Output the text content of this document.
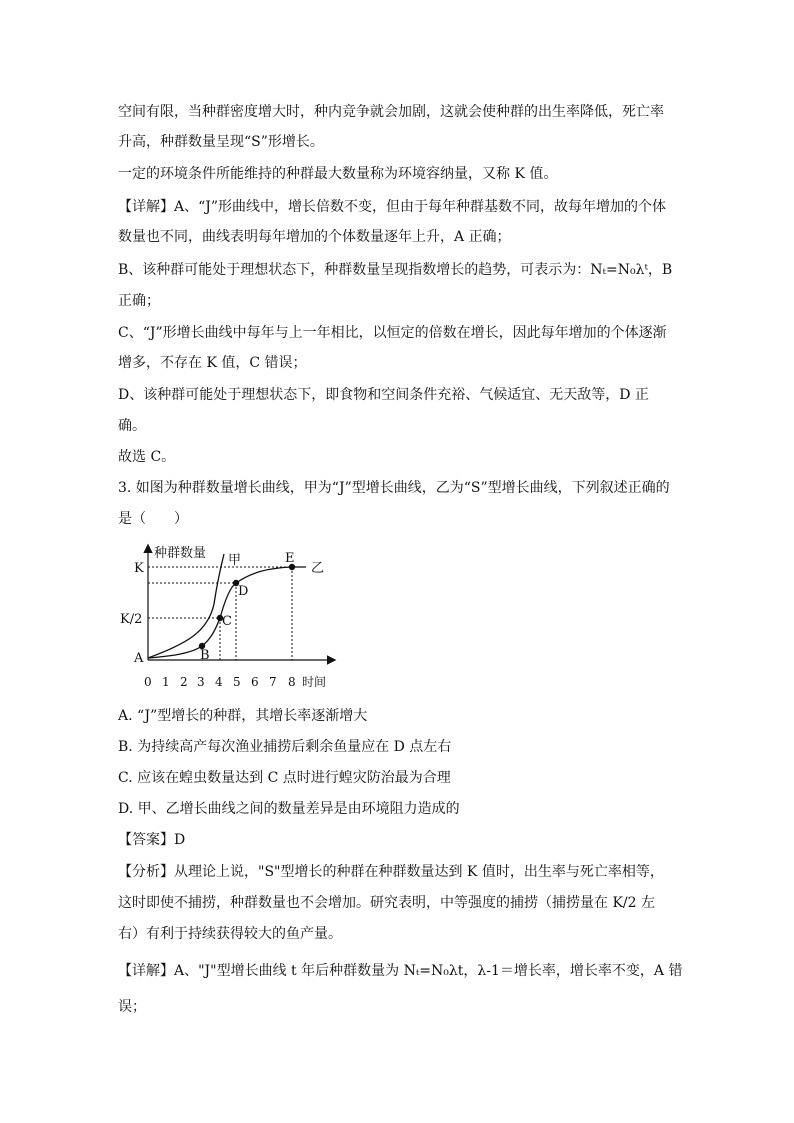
空间有限，当种群密度增大时，种内竞争就会加剧，这就会使种群的出生率降低，死亡率
升高，种群数量呈现“S”形增长。
一定的环境条件所能维持的种群最大数量称为环境容纳量，又称 K 值。
【详解】A、“J”形曲线中，增长倍数不变，但由于每年种群基数不同，故每年增加的个体
数量也不同，曲线表明每年增加的个体数量逐年上升，A 正确；
B、该种群可能处于理想状态下，种群数量呈现指数增长的趋势，可表示为：Nₜ=N₀λᵗ，B
正确；
C、“J”形增长曲线中每年与上一年相比，以恒定的倍数在增长，因此每年增加的个体逐渐
增多，不存在 K 值，C 错误；
D、该种群可能处于理想状态下，即食物和空间条件充裕、气候适宜、无天敌等，D 正
确。
故选 C。
3. 如图为种群数量增长曲线，甲为“J”型增长曲线，乙为“S”型增长曲线，下列叙述正确的
是（　　）
种群数量
时间
K
K/2
0 1 2 3 4 5 6 7 8
甲
乙
A	B
C
D
E
A. “J”型增长的种群，其增长率逐渐增大
B. 为持续高产每次渔业捕捞后剩余鱼量应在 D 点左右
C. 应该在蝗虫数量达到 C 点时进行蝗灾防治最为合理
D. 甲、乙增长曲线之间的数量差异是由环境阻力造成的
【答案】D
【分析】从理论上说，"S"型增长的种群在种群数量达到 K 值时，出生率与死亡率相等，
这时即使不捕捞，种群数量也不会增加。研究表明，中等强度的捕捞（捕捞量在 K/2 左
右）有利于持续获得较大的鱼产量。
【详解】A、"J"型增长曲线 t 年后种群数量为 Nₜ=N₀λt，λ-1＝增长率，增长率不变，A 错
误；
